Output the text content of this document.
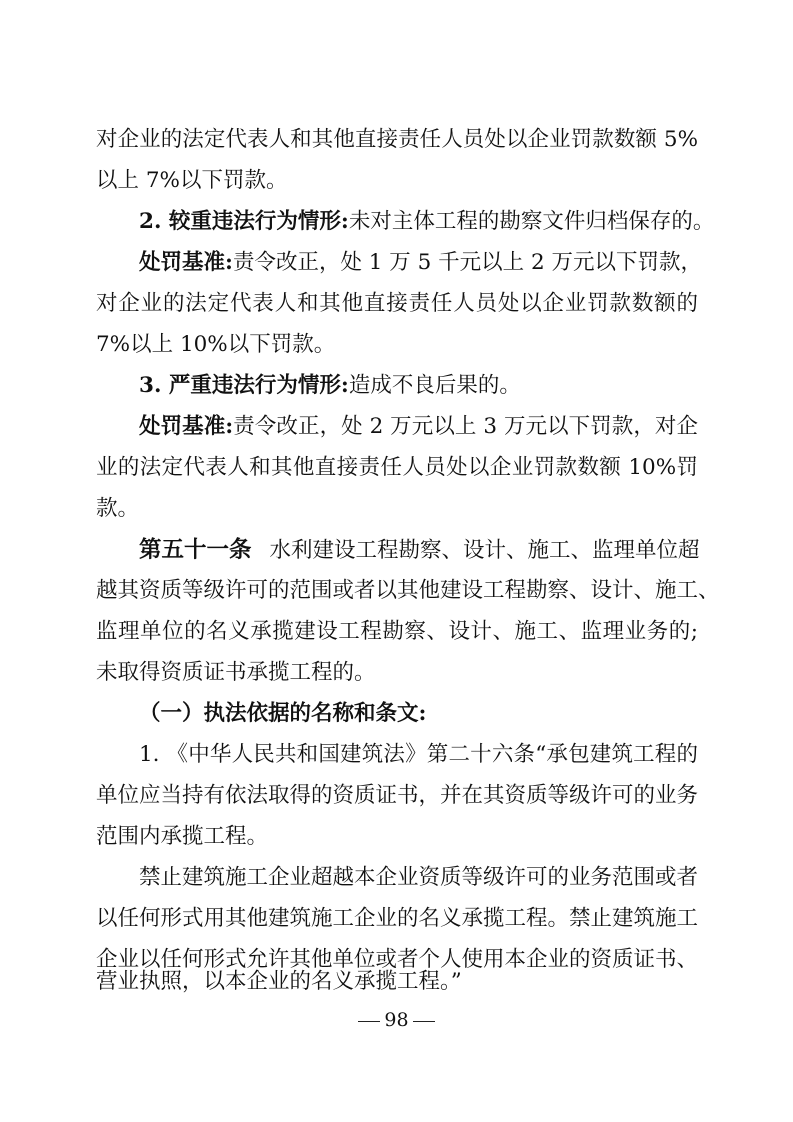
对企业的法定代表人和其他直接责任人员处以企业罚款数额 5%
以上 7%以下罚款。
2. 较重违法行为情形:未对主体工程的勘察文件归档保存的。
处罚基准:责令改正，处 1 万 5 千元以上 2 万元以下罚款，
对企业的法定代表人和其他直接责任人员处以企业罚款数额的
7%以上 10%以下罚款。
3. 严重违法行为情形:造成不良后果的。
处罚基准:责令改正，处 2 万元以上 3 万元以下罚款，对企
业的法定代表人和其他直接责任人员处以企业罚款数额 10%罚
款。
第五十一条 水利建设工程勘察、设计、施工、监理单位超
越其资质等级许可的范围或者以其他建设工程勘察、设计、施工、
监理单位的名义承揽建设工程勘察、设计、施工、监理业务的;
未取得资质证书承揽工程的。
（一）执法依据的名称和条文:
1. 《中华人民共和国建筑法》第二十六条“承包建筑工程的
单位应当持有依法取得的资质证书，并在其资质等级许可的业务
范围内承揽工程。
禁止建筑施工企业超越本企业资质等级许可的业务范围或者
以任何形式用其他建筑施工企业的名义承揽工程。禁止建筑施工
企业以任何形式允许其他单位或者个人使用本企业的资质证书、
营业执照，以本企业的名义承揽工程。”
98
